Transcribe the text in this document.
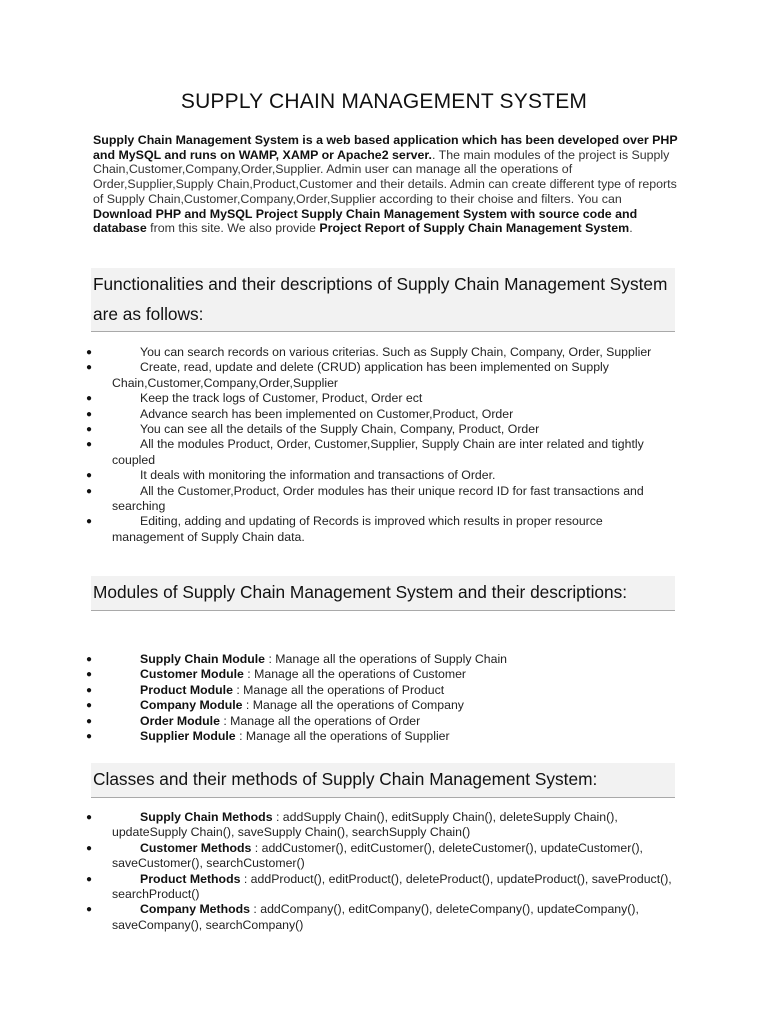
SUPPLY CHAIN MANAGEMENT SYSTEM
Supply Chain Management System is a web based application which has been developed over PHP and MySQL and runs on WAMP, XAMP or Apache2 server.. The main modules of the project is Supply Chain,Customer,Company,Order,Supplier. Admin user can manage all the operations of Order,Supplier,Supply Chain,Product,Customer and their details. Admin can create different type of reports of Supply Chain,Customer,Company,Order,Supplier according to their choise and filters. You can Download PHP and MySQL Project Supply Chain Management System with source code and database from this site. We also provide Project Report of Supply Chain Management System.
Functionalities and their descriptions of Supply Chain Management System are as follows:
●	You can search records on various criterias. Such as Supply Chain, Company, Order, Supplier
●	Create, read, update and delete (CRUD) application has been implemented on Supply Chain,Customer,Company,Order,Supplier
●	Keep the track logs of Customer, Product, Order ect
●	Advance search has been implemented on Customer,Product, Order
●	You can see all the details of the Supply Chain, Company, Product, Order
●	All the modules Product, Order, Customer,Supplier, Supply Chain are inter related and tightly coupled
●	It deals with monitoring the information and transactions of Order.
●	All the Customer,Product, Order modules has their unique record ID for fast transactions and searching
●	Editing, adding and updating of Records is improved which results in proper resource management of Supply Chain data.
Modules of Supply Chain Management System and their descriptions:
●	Supply Chain Module : Manage all the operations of Supply Chain
●	Customer Module : Manage all the operations of Customer
●	Product Module : Manage all the operations of Product
●	Company Module : Manage all the operations of Company
●	Order Module : Manage all the operations of Order
●	Supplier Module : Manage all the operations of Supplier
Classes and their methods of Supply Chain Management System:
●	Supply Chain Methods : addSupply Chain(), editSupply Chain(), deleteSupply Chain(), updateSupply Chain(), saveSupply Chain(), searchSupply Chain()
●	Customer Methods : addCustomer(), editCustomer(), deleteCustomer(), updateCustomer(), saveCustomer(), searchCustomer()
●	Product Methods : addProduct(), editProduct(), deleteProduct(), updateProduct(), saveProduct(), searchProduct()
●	Company Methods : addCompany(), editCompany(), deleteCompany(), updateCompany(), saveCompany(), searchCompany()
